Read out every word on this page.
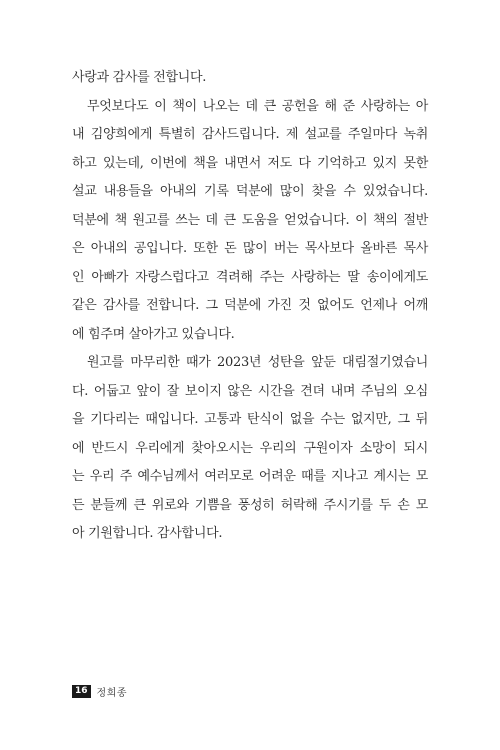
사랑과 감사를 전합니다.
무엇보다도 이 책이 나오는 데 큰 공헌을 해 준 사랑하는 아
내 김양희에게 특별히 감사드립니다. 제 설교를 주일마다 녹취
하고 있는데, 이번에 책을 내면서 저도 다 기억하고 있지 못한
설교 내용들을 아내의 기록 덕분에 많이 찾을 수 있었습니다.
덕분에 책 원고를 쓰는 데 큰 도움을 얻었습니다. 이 책의 절반
은 아내의 공입니다. 또한 돈 많이 버는 목사보다 올바른 목사
인 아빠가 자랑스럽다고 격려해 주는 사랑하는 딸 송이에게도
같은 감사를 전합니다. 그 덕분에 가진 것 없어도 언제나 어깨
에 힘주며 살아가고 있습니다.
원고를 마무리한 때가 2023년 성탄을 앞둔 대림절기였습니
다. 어둡고 앞이 잘 보이지 않은 시간을 견뎌 내며 주님의 오심
을 기다리는 때입니다. 고통과 탄식이 없을 수는 없지만, 그 뒤
에 반드시 우리에게 찾아오시는 우리의 구원이자 소망이 되시
는 우리 주 예수님께서 여러모로 어려운 때를 지나고 계시는 모
든 분들께 큰 위로와 기쁨을 풍성히 허락해 주시기를 두 손 모
아 기원합니다. 감사합니다.
16 정희종
